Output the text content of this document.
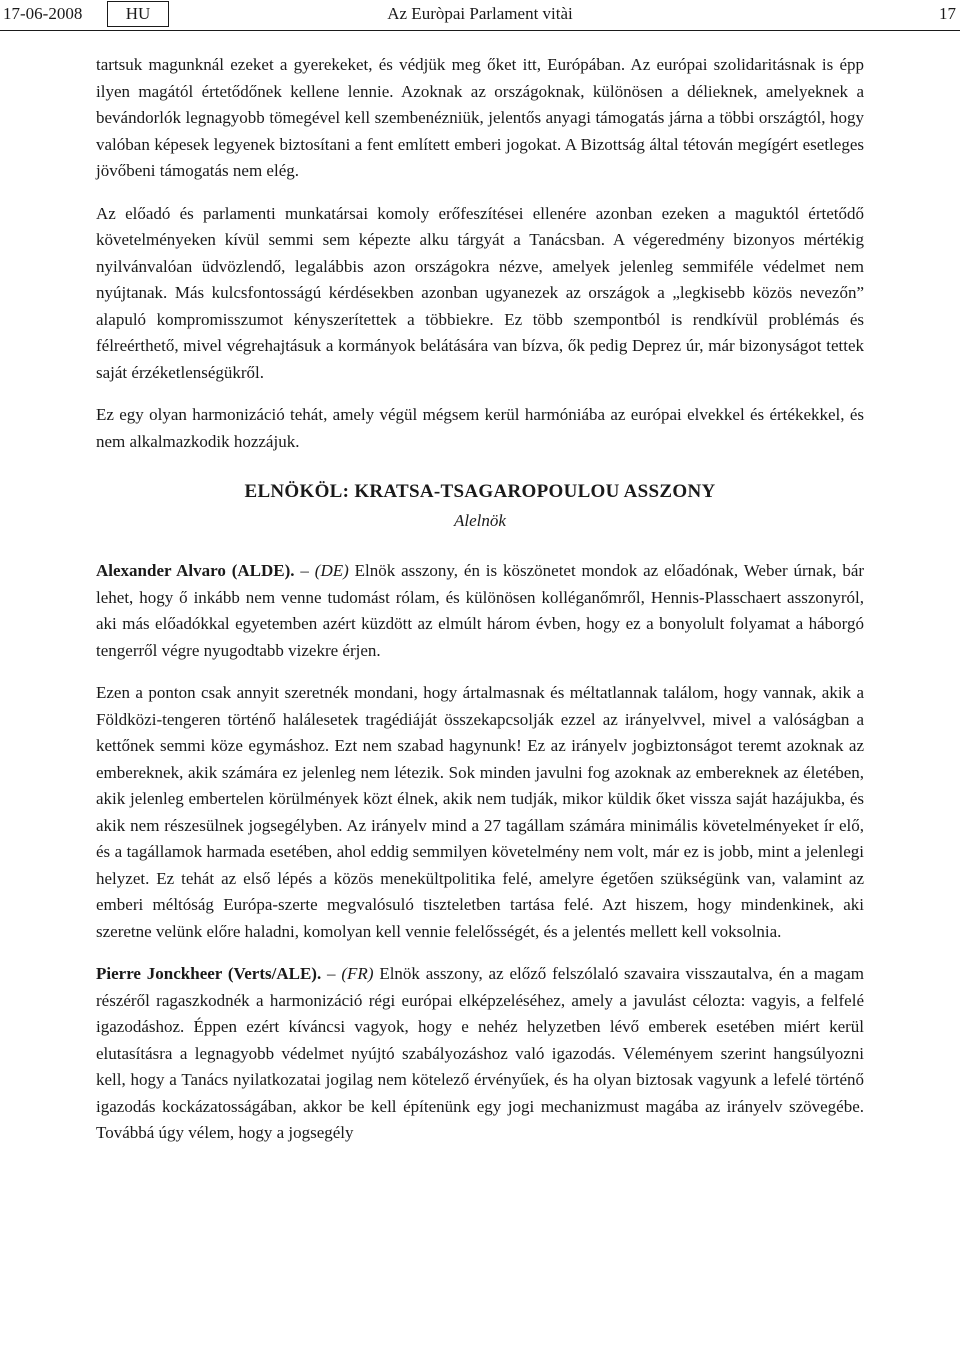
17-06-2008	HU	Az Euròpai Parlament vitài	17

tartsuk magunknál ezeket a gyerekeket, és védjük meg őket itt, Európában. Az európai szolidaritásnak is épp ilyen magától értetődőnek kellene lennie. Azoknak az országoknak, különösen a délieknek, amelyeknek a bevándorlók legnagyobb tömegével kell szembenézniük, jelentős anyagi támogatás járna a többi országtól, hogy valóban képesek legyenek biztosítani a fent említett emberi jogokat. A Bizottság által tétován megígért esetleges jövőbeni támogatás nem elég.

Az előadó és parlamenti munkatársai komoly erőfeszítései ellenére azonban ezeken a maguktól értetődő követelményeken kívül semmi sem képezte alku tárgyát a Tanácsban. A végeredmény bizonyos mértékig nyilvánvalóan üdvözlendő, legalábbis azon országokra nézve, amelyek jelenleg semmiféle védelmet nem nyújtanak. Más kulcsfontosságú kérdésekben azonban ugyanezek az országok a „legkisebb közös nevezőn” alapuló kompromisszumot kényszerítettek a többiekre. Ez több szempontból is rendkívül problémás és félreérthető, mivel végrehajtásuk a kormányok belátására van bízva, ők pedig Deprez úr, már bizonyságot tettek saját érzéketlenségükről.

Ez egy olyan harmonizáció tehát, amely végül mégsem kerül harmóniába az európai elvekkel és értékekkel, és nem alkalmazkodik hozzájuk.

ELNÖKÖL: KRATSA-TSAGAROPOULOU ASSZONY

Alelnök

Alexander Alvaro (ALDE). – (DE) Elnök asszony, én is köszönetet mondok az előadónak, Weber úrnak, bár lehet, hogy ő inkább nem venne tudomást rólam, és különösen kolléganőmről, Hennis-Plasschaert asszonyról, aki más előadókkal egyetemben azért küzdött az elmúlt három évben, hogy ez a bonyolult folyamat a háborgó tengerről végre nyugodtabb vizekre érjen.

Ezen a ponton csak annyit szeretnék mondani, hogy ártalmasnak és méltatlannak találom, hogy vannak, akik a Földközi-tengeren történő halálesetek tragédiáját összekapcsolják ezzel az irányelvvel, mivel a valóságban a kettőnek semmi köze egymáshoz. Ezt nem szabad hagynunk! Ez az irányelv jogbiztonságot teremt azoknak az embereknek, akik számára ez jelenleg nem létezik. Sok minden javulni fog azoknak az embereknek az életében, akik jelenleg embertelen körülmények közt élnek, akik nem tudják, mikor küldik őket vissza saját hazájukba, és akik nem részesülnek jogsegélyben. Az irányelv mind a 27 tagállam számára minimális követelményeket ír elő, és a tagállamok harmada esetében, ahol eddig semmilyen követelmény nem volt, már ez is jobb, mint a jelenlegi helyzet. Ez tehát az első lépés a közös menekültpolitika felé, amelyre égetően szükségünk van, valamint az emberi méltóság Európa-szerte megvalósuló tiszteletben tartása felé. Azt hiszem, hogy mindenkinek, aki szeretne velünk előre haladni, komolyan kell vennie felelősségét, és a jelentés mellett kell voksolnia.

Pierre Jonckheer (Verts/ALE). – (FR) Elnök asszony, az előző felszólaló szavaira visszautalva, én a magam részéről ragaszkodnék a harmonizáció régi európai elképzeléséhez, amely a javulást célozta: vagyis, a felfelé igazodáshoz. Éppen ezért kíváncsi vagyok, hogy e nehéz helyzetben lévő emberek esetében miért kerül elutasításra a legnagyobb védelmet nyújtó szabályozáshoz való igazodás. Véleményem szerint hangsúlyozni kell, hogy a Tanács nyilatkozatai jogilag nem kötelező érvényűek, és ha olyan biztosak vagyunk a lefelé történő igazodás kockázatosságában, akkor be kell építenünk egy jogi mechanizmust magába az irányelv szövegébe. Továbbá úgy vélem, hogy a jogsegély
